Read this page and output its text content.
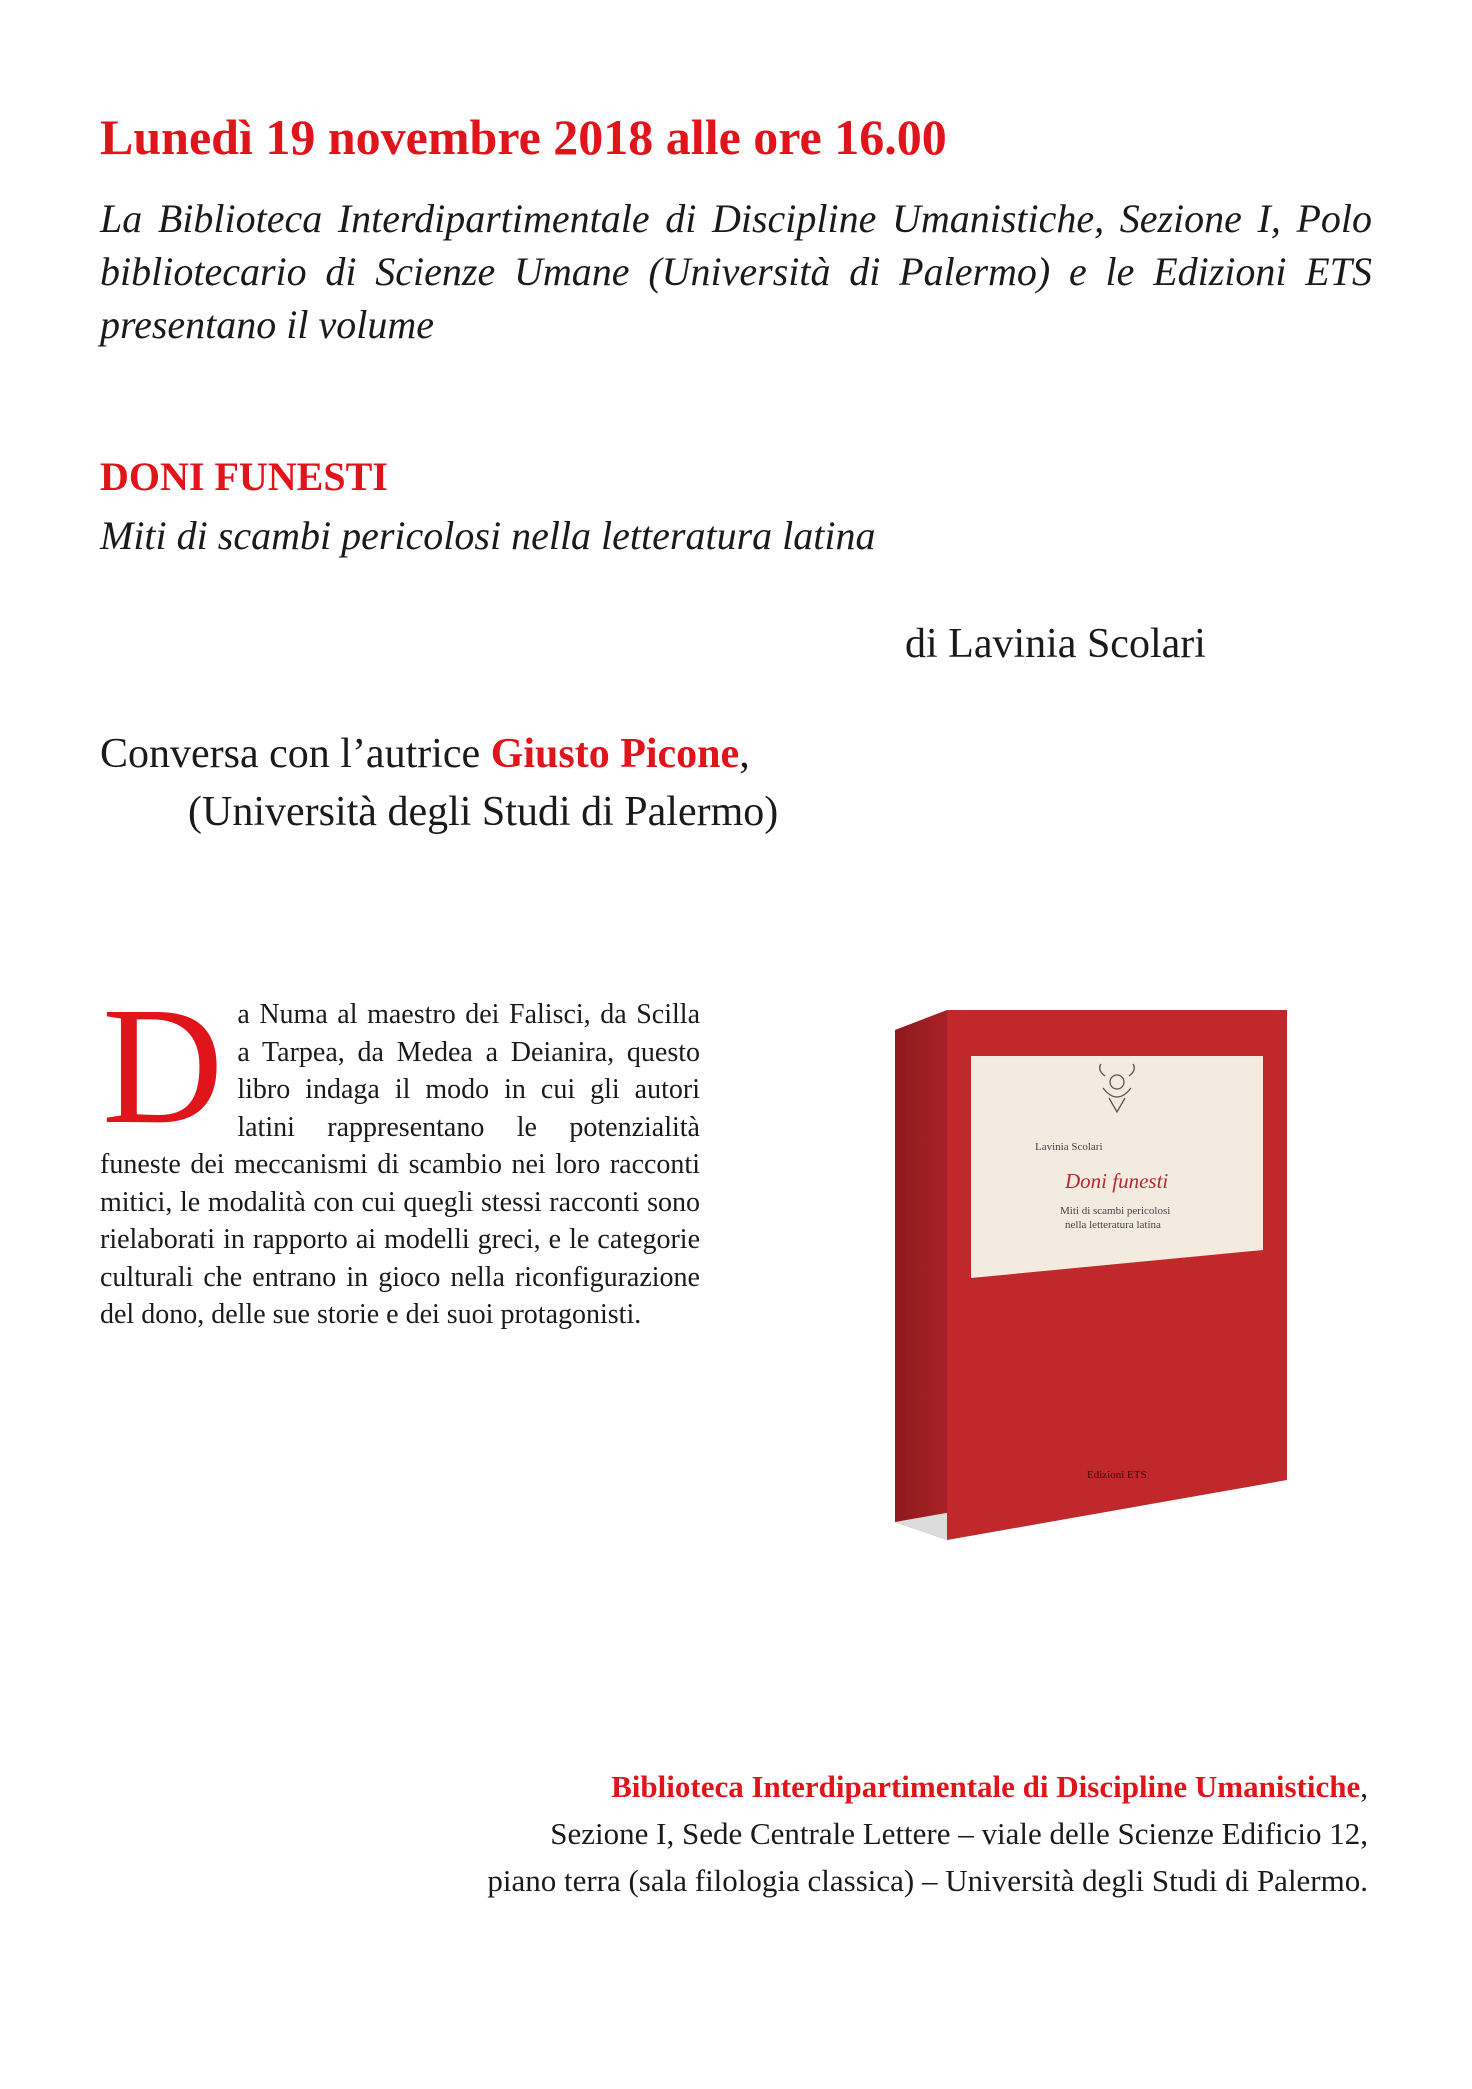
Lunedì 19 novembre 2018 alle ore 16.00
La Biblioteca Interdipartimentale di Discipline Umanistiche, Sezione I, Polo bibliotecario di Scienze Umane (Università di Palermo) e le Edizioni ETS presentano il volume
DONI FUNESTI
Miti di scambi pericolosi nella letteratura latina
di Lavinia Scolari
Conversa con l’autrice Giusto Picone,
(Università degli Studi di Palermo)
Da Numa al maestro dei Falisci, da Scilla a Tarpea, da Medea a Deianira, questo libro indaga il modo in cui gli autori latini rappresentano le potenzialità funeste dei meccanismi di scambio nei loro racconti mitici, le modalità con cui quegli stessi racconti sono rielaborati in rapporto ai modelli greci, e le categorie culturali che entrano in gioco nella riconfigurazione del dono, delle sue storie e dei suoi protagonisti.
Lavinia Scolari
Doni funesti
Miti di scambi pericolosi
nella letteratura latina
Edizioni ETS
Biblioteca Interdipartimentale di Discipline Umanistiche,
Sezione I, Sede Centrale Lettere – viale delle Scienze Edificio 12,
piano terra (sala filologia classica) – Università degli Studi di Palermo.
